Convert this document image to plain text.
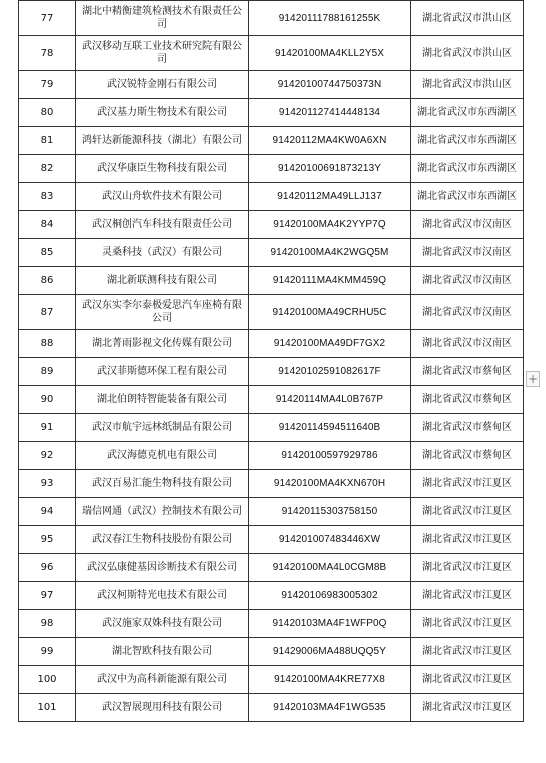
77	湖北中精衡建筑检测技术有限责任公司	91420111788161255K	湖北省武汉市洪山区
78	武汉移动互联工业技术研究院有限公司	91420100MA4KLL2Y5X	湖北省武汉市洪山区
79	武汉锐特金刚石有限公司	91420100744750373N	湖北省武汉市洪山区
80	武汉基力斯生物技术有限公司	914201127414448134	湖北省武汉市东西湖区
81	鸿轩达新能源科技（湖北）有限公司	91420112MA4KW0A6XN	湖北省武汉市东西湖区
82	武汉华康臣生物科技有限公司	91420100691873213Y	湖北省武汉市东西湖区
83	武汉山舟软件技术有限公司	91420112MA49LLJ137	湖北省武汉市东西湖区
84	武汉桐创汽车科技有限责任公司	91420100MA4K2YYP7Q	湖北省武汉市汉南区
85	灵桑科技（武汉）有限公司	91420100MA4K2WGQ5M	湖北省武汉市汉南区
86	湖北新联测科技有限公司	91420111MA4KMM459Q	湖北省武汉市汉南区
87	武汉东实李尔泰极爱思汽车座椅有限公司	91420100MA49CRHU5C	湖北省武汉市汉南区
88	湖北菁雨影视文化传媒有限公司	91420100MA49DF7GX2	湖北省武汉市汉南区
89	武汉菲斯德环保工程有限公司	91420102591082617F	湖北省武汉市蔡甸区
90	湖北伯朗特智能装备有限公司	91420114MA4L0B767P	湖北省武汉市蔡甸区
91	武汉市航宇远林纸制品有限公司	91420114594511640B	湖北省武汉市蔡甸区
92	武汉海德克机电有限公司	91420100597929786	湖北省武汉市蔡甸区
93	武汉百易汇能生物科技有限公司	91420100MA4KXN670H	湖北省武汉市江夏区
94	瑞信网通（武汉）控制技术有限公司	91420115303758150	湖北省武汉市江夏区
95	武汉春江生物科技股份有限公司	914201007483446XW	湖北省武汉市江夏区
96	武汉弘康健基因诊断技术有限公司	91420100MA4L0CGM8B	湖北省武汉市江夏区
97	武汉柯斯特光电技术有限公司	91420106983005302	湖北省武汉市江夏区
98	武汉施家双姝科技有限公司	91420103MA4F1WFP0Q	湖北省武汉市江夏区
99	湖北智欧科技有限公司	91429006MA488UQQ5Y	湖北省武汉市江夏区
100	武汉中为高科新能源有限公司	91420100MA4KRE77X8	湖北省武汉市江夏区
101	武汉智展现用科技有限公司	91420103MA4F1WG535	湖北省武汉市江夏区
+
